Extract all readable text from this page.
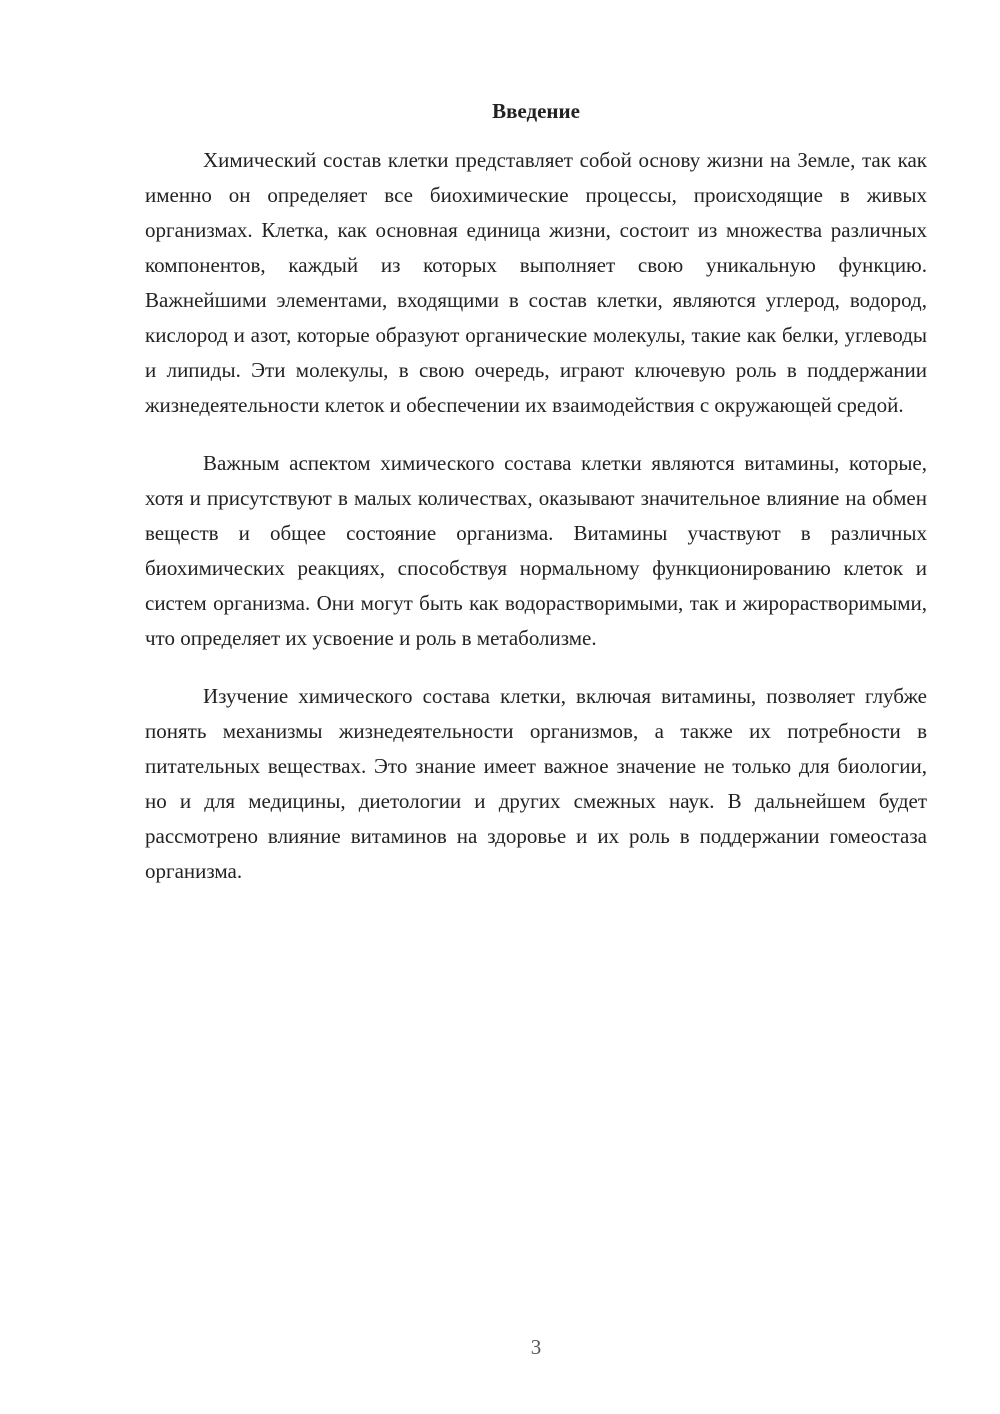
Введение

Химический состав клетки представляет собой основу жизни на Земле, так как именно он определяет все биохимические процессы, происходящие в живых организмах. Клетка, как основная единица жизни, состоит из множества различных компонентов, каждый из которых выполняет свою уникальную функцию. Важнейшими элементами, входящими в состав клетки, являются углерод, водород, кислород и азот, которые образуют органические молекулы, такие как белки, углеводы и липиды. Эти молекулы, в свою очередь, играют ключевую роль в поддержании жизнедеятельности клеток и обеспечении их взаимодействия с окружающей средой.

Важным аспектом химического состава клетки являются витамины, которые, хотя и присутствуют в малых количествах, оказывают значительное влияние на обмен веществ и общее состояние организма. Витамины участвуют в различных биохимических реакциях, способствуя нормальному функционированию клеток и систем организма. Они могут быть как водорастворимыми, так и жирорастворимыми, что определяет их усвоение и роль в метаболизме.

Изучение химического состава клетки, включая витамины, позволяет глубже понять механизмы жизнедеятельности организмов, а также их потребности в питательных веществах. Это знание имеет важное значение не только для биологии, но и для медицины, диетологии и других смежных наук. В дальнейшем будет рассмотрено влияние витаминов на здоровье и их роль в поддержании гомеостаза организма.

3
